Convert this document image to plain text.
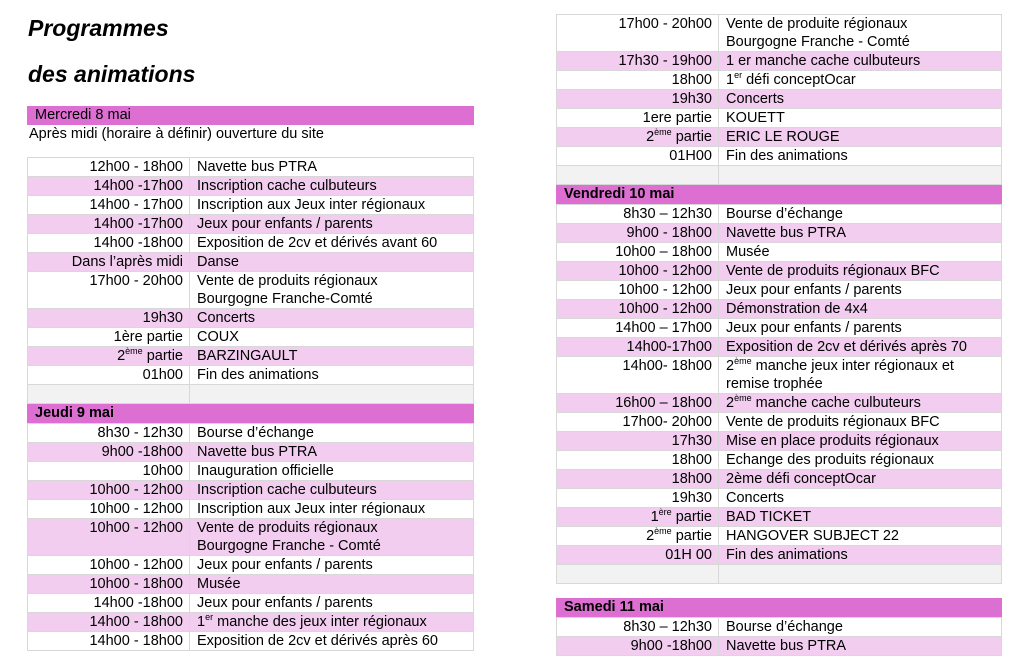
Programmes
des animations
Mercredi 8 mai
Après midi (horaire à définir) ouverture du site
12h00 - 18h00 Navette bus PTRA
14h00 -17h00 Inscription cache culbuteurs
14h00 - 17h00 Inscription aux Jeux inter régionaux
14h00 -17h00 Jeux pour enfants / parents
14h00 -18h00 Exposition de 2cv et dérivés avant 60
Dans l’après midi Danse
17h00 - 20h00 Vente de produits régionaux
Bourgogne Franche-Comté
19h30 Concerts
1ère partie COUX
2ème partie BARZINGAULT
01h00 Fin des animations
Jeudi 9 mai
8h30 - 12h30 Bourse d’échange
9h00 -18h00 Navette bus PTRA
10h00 Inauguration officielle
10h00 - 12h00 Inscription cache culbuteurs
10h00 - 12h00 Inscription aux Jeux inter régionaux
10h00 - 12h00 Vente de produits régionaux
Bourgogne Franche - Comté
10h00 - 12h00 Jeux pour enfants / parents
10h00 - 18h00 Musée
14h00 -18h00 Jeux pour enfants / parents
14h00 - 18h00 1er manche des jeux inter régionaux
14h00 - 18h00 Exposition de 2cv et dérivés après 60
17h00 - 20h00 Vente de produite régionaux
Bourgogne Franche - Comté
17h30 - 19h00 1 er manche cache culbuteurs
18h00 1er défi conceptOcar
19h30 Concerts
1ere partie KOUETT
2ème partie ERIC LE ROUGE
01H00 Fin des animations
Vendredi 10 mai
8h30 – 12h30 Bourse d’échange
9h00 - 18h00 Navette bus PTRA
10h00 – 18h00 Musée
10h00 - 12h00 Vente de produits régionaux BFC
10h00 - 12h00 Jeux pour enfants / parents
10h00 - 12h00 Démonstration de 4x4
14h00 – 17h00 Jeux pour enfants / parents
14h00-17h00 Exposition de 2cv et dérivés après 70
14h00- 18h00 2ème manche jeux inter régionaux et
remise trophée
16h00 – 18h00 2ème manche cache culbuteurs
17h00- 20h00 Vente de produits régionaux BFC
17h30 Mise en place produits régionaux
18h00 Echange des produits régionaux
18h00 2ème défi conceptOcar
19h30 Concerts
1ère partie BAD TICKET
2ème partie HANGOVER SUBJECT 22
01H 00 Fin des animations
Samedi 11 mai
8h30 – 12h30 Bourse d’échange
9h00 -18h00 Navette bus PTRA
